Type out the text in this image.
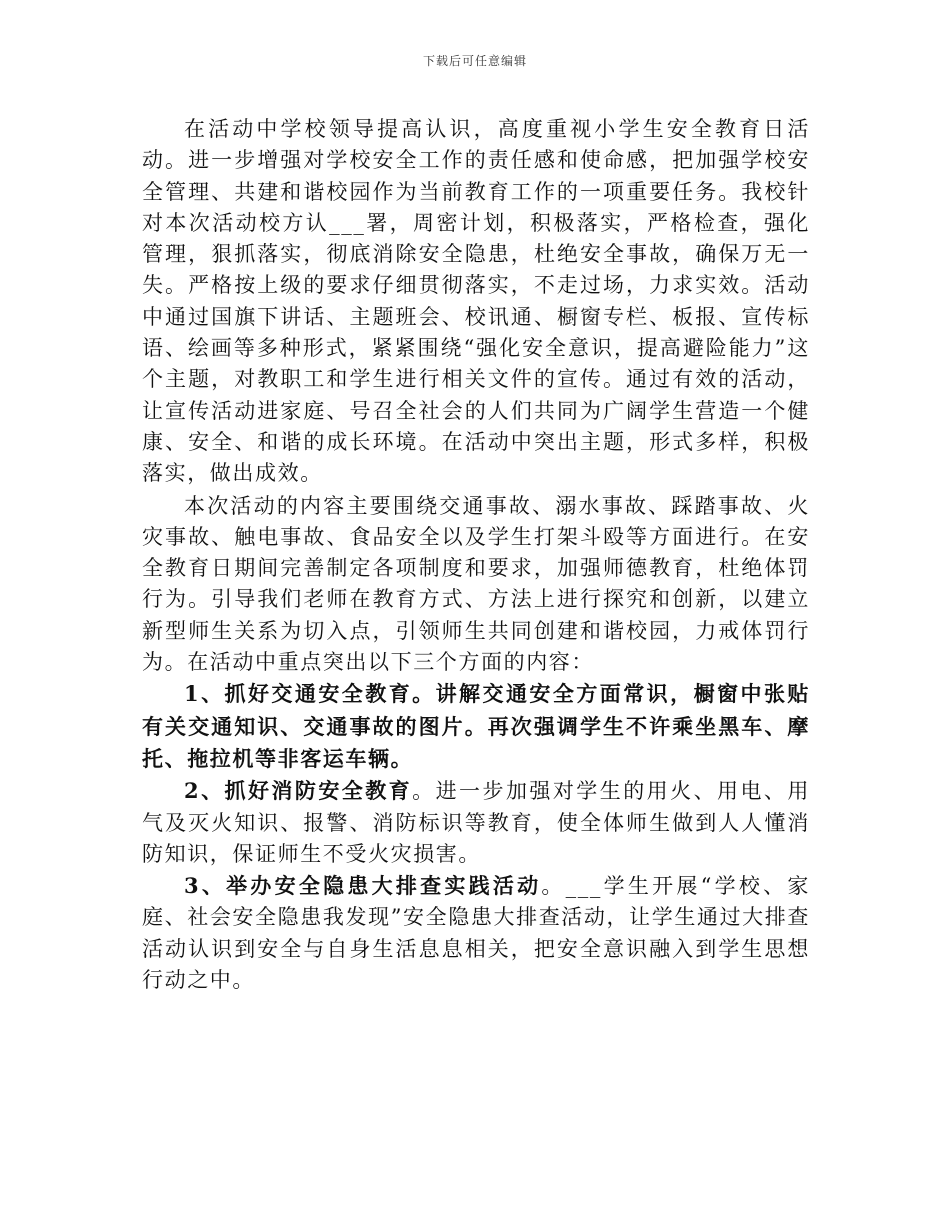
下载后可任意编辑

在活动中学校领导提高认识，高度重视小学生安全教育日活动。进一步增强对学校安全工作的责任感和使命感，把加强学校安全管理、共建和谐校园作为当前教育工作的一项重要任务。我校针对本次活动校方认___署，周密计划，积极落实，严格检查，强化管理，狠抓落实，彻底消除安全隐患，杜绝安全事故，确保万无一失。严格按上级的要求仔细贯彻落实，不走过场，力求实效。活动中通过国旗下讲话、主题班会、校讯通、橱窗专栏、板报、宣传标语、绘画等多种形式，紧紧围绕“强化安全意识，提高避险能力”这个主题，对教职工和学生进行相关文件的宣传。通过有效的活动，让宣传活动进家庭、号召全社会的人们共同为广阔学生营造一个健康、安全、和谐的成长环境。在活动中突出主题，形式多样，积极落实，做出成效。

本次活动的内容主要围绕交通事故、溺水事故、踩踏事故、火灾事故、触电事故、食品安全以及学生打架斗殴等方面进行。在安全教育日期间完善制定各项制度和要求，加强师德教育，杜绝体罚行为。引导我们老师在教育方式、方法上进行探究和创新，以建立新型师生关系为切入点，引领师生共同创建和谐校园，力戒体罚行为。在活动中重点突出以下三个方面的内容：

1、抓好交通安全教育。讲解交通安全方面常识，橱窗中张贴有关交通知识、交通事故的图片。再次强调学生不许乘坐黑车、摩托、拖拉机等非客运车辆。

2、抓好消防安全教育。进一步加强对学生的用火、用电、用气及灭火知识、报警、消防标识等教育，使全体师生做到人人懂消防知识，保证师生不受火灾损害。

3、举办安全隐患大排查实践活动。___学生开展“学校、家庭、社会安全隐患我发现”安全隐患大排查活动，让学生通过大排查活动认识到安全与自身生活息息相关，把安全意识融入到学生思想行动之中。
